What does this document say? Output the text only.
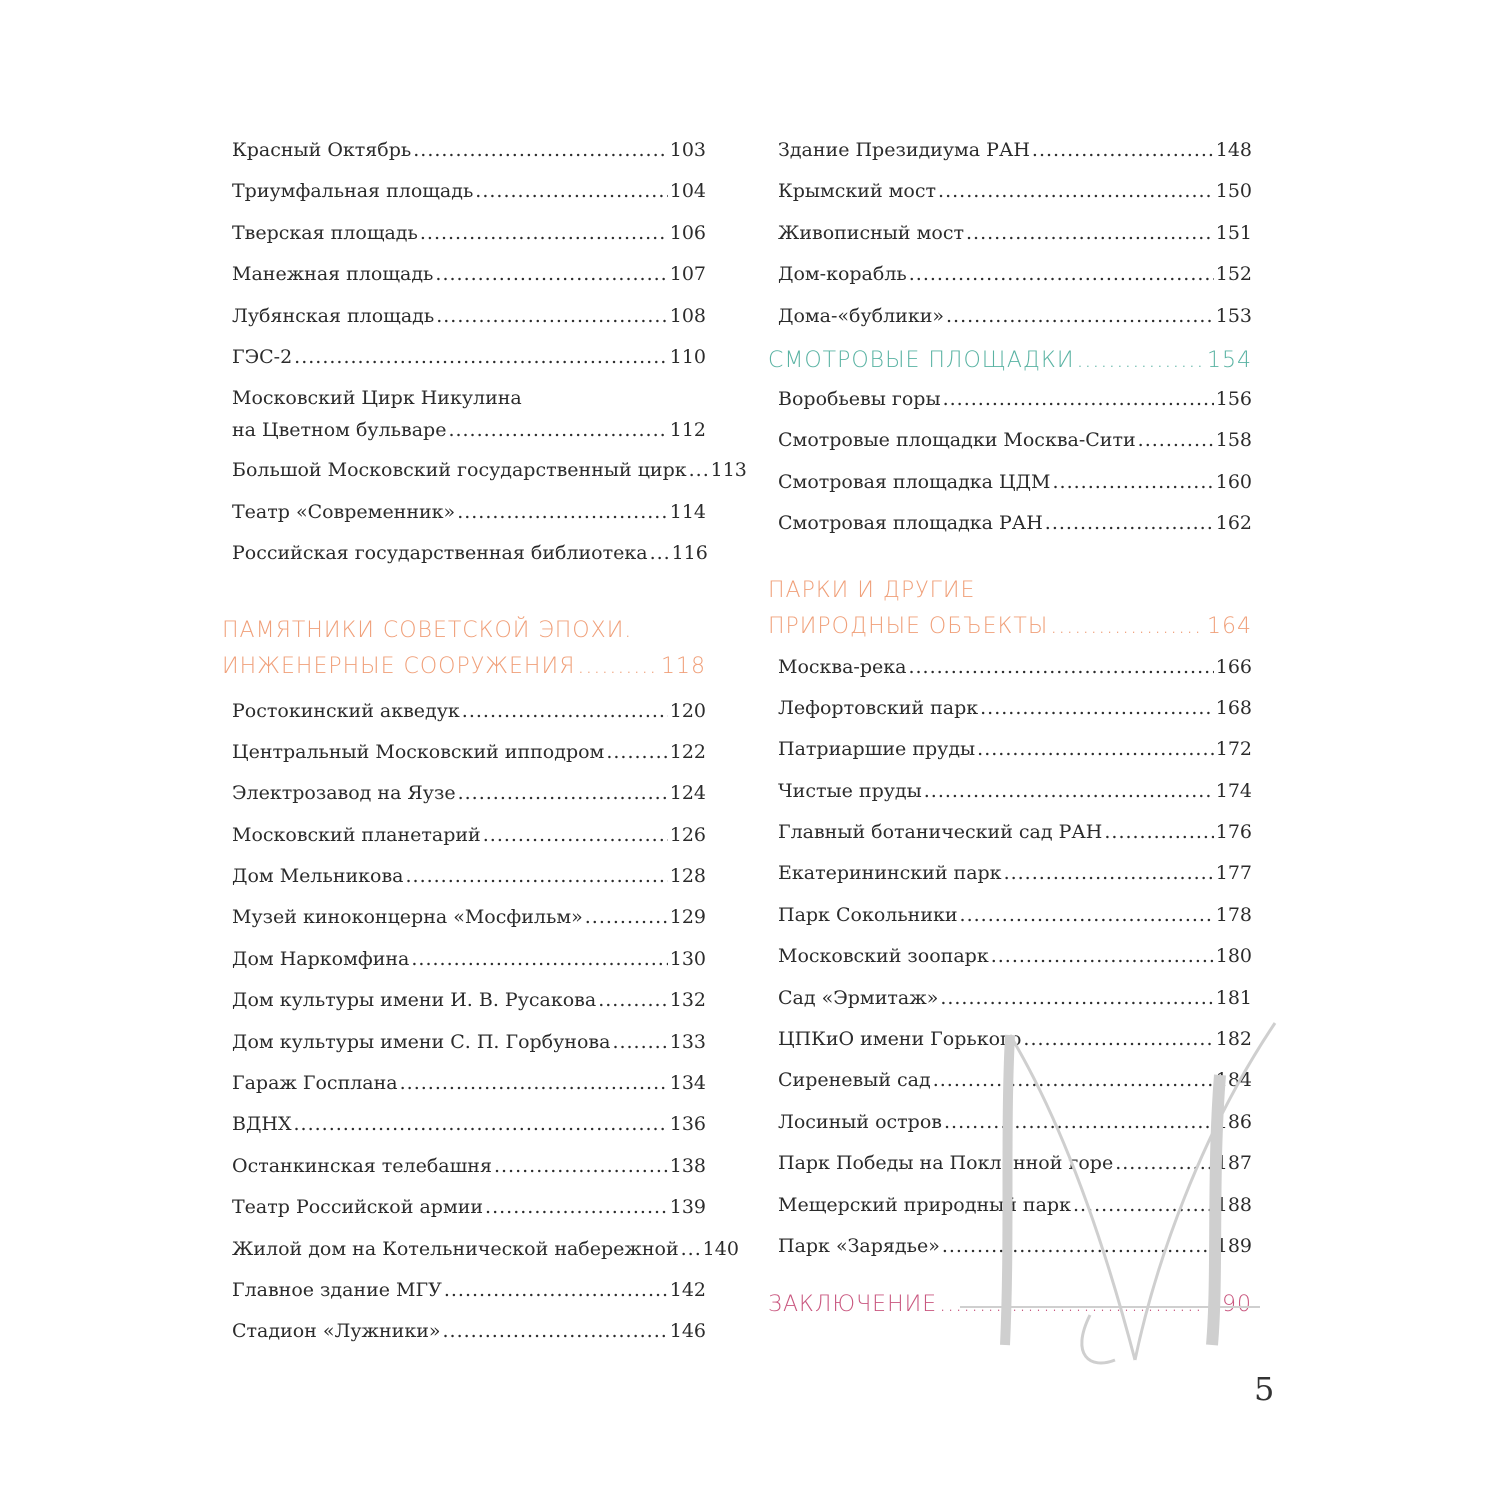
Красный Октябрь .....	103
Триумфальная площадь .....	104
Тверская площадь .....	106
Манежная площадь .....	107
Лубянская площадь .....	108
ГЭС-2 .....	110
Московский Цирк Никулина
на Цветном бульваре .....	112
Большой Московский государственный цирк ..... 113
Театр «Современник» .....	114
Российская государственная библиотека ..... 116
ПАМЯТНИКИ СОВЕТСКОЙ ЭПОХИ.
ИНЖЕНЕРНЫЕ СООРУЖЕНИЯ .....	118
Ростокинский акведук .....	120
Центральный Московский ипподром .....	122
Электрозавод на Яузе .....	124
Московский планетарий .....	126
Дом Мельникова .....	128
Музей киноконцерна «Мосфильм» .....	129
Дом Наркомфина .....	130
Дом культуры имени И. В. Русакова .....	132
Дом культуры имени С. П. Горбунова .....	133
Гараж Госплана .....	134
ВДНХ .....	136
Останкинская телебашня .....	138
Театр Российской армии .....	139
Жилой дом на Котельнической набережной ..... 140
Главное здание МГУ .....	142
Стадион «Лужники» .....	146
Здание Президиума РАН .....	148
Крымский мост .....	150
Живописный мост .....	151
Дом-корабль .....	152
Дома-«бублики» .....	153
СМОТРОВЫЕ ПЛОЩАДКИ .....	154
Воробьевы горы .....	156
Смотровые площадки Москва-Сити .....	158
Смотровая площадка ЦДМ .....	160
Смотровая площадка РАН .....	162
ПАРКИ И ДРУГИЕ
ПРИРОДНЫЕ ОБЪЕКТЫ .....	164
Москва-река .....	166
Лефортовский парк .....	168
Патриаршие пруды .....	172
Чистые пруды .....	174
Главный ботанический сад РАН .....	176
Екатерининский парк .....	177
Парк Сокольники .....	178
Московский зоопарк .....	180
Сад «Эрмитаж» .....	181
ЦПКиО имени Горького .....	182
Сиреневый сад .....	184
Лосиный остров .....	186
Парк Победы на Поклонной горе .....	187
Мещерский природный парк .....	188
Парк «Зарядье» .....	189
ЗАКЛЮЧЕНИЕ .....	190
5
